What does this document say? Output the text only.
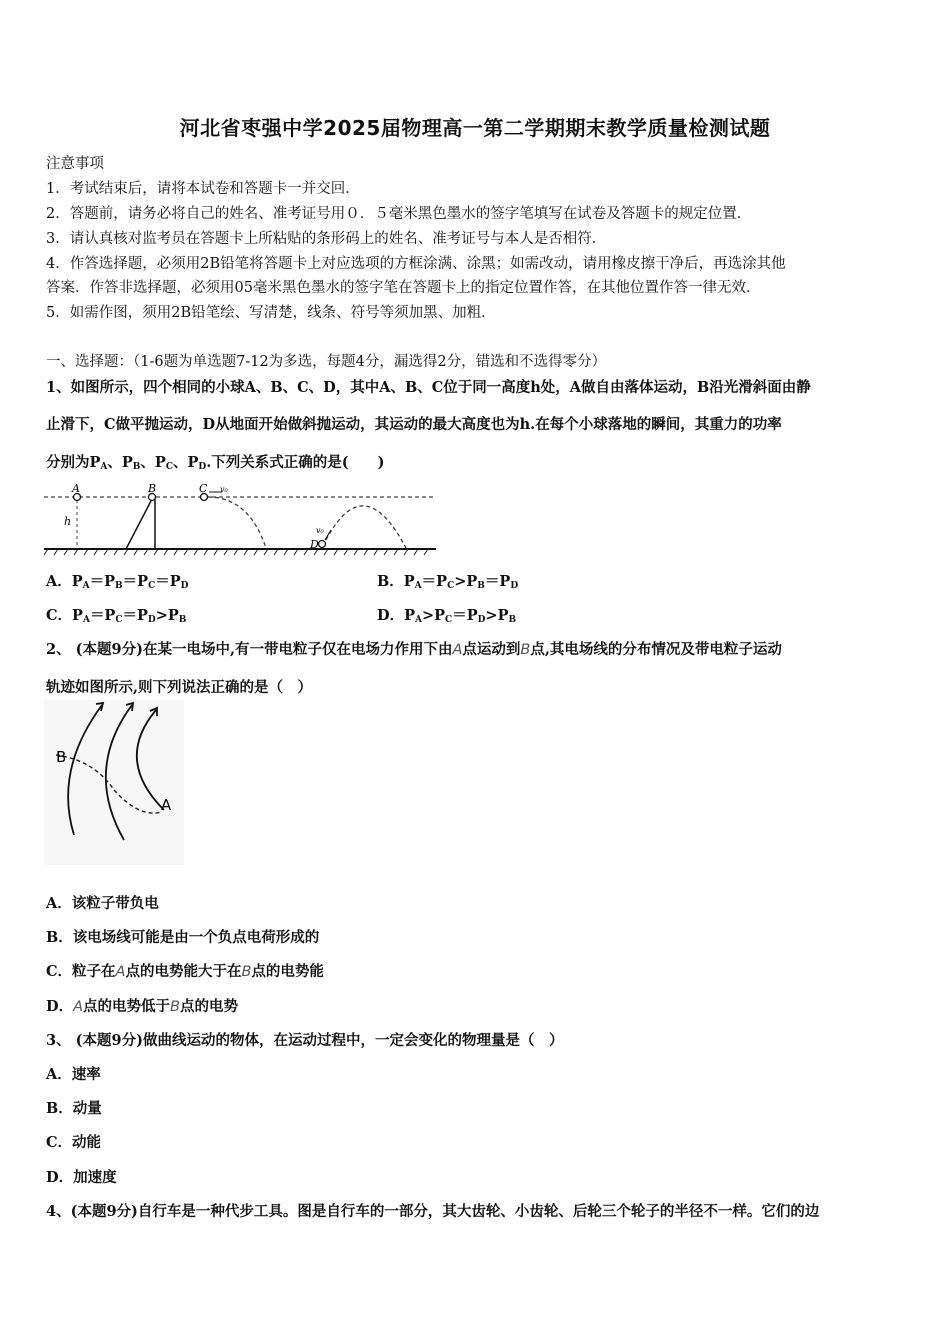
河北省枣强中学2025届物理高一第二学期期末教学质量检测试题
注意事项
1．考试结束后，请将本试卷和答题卡一并交回．
2．答题前，请务必将自己的姓名、准考证号用０．５毫米黑色墨水的签字笔填写在试卷及答题卡的规定位置．
3．请认真核对监考员在答题卡上所粘贴的条形码上的姓名、准考证号与本人是否相符．
4．作答选择题，必须用2B铅笔将答题卡上对应选项的方框涂满、涂黑；如需改动，请用橡皮擦干净后，再选涂其他
答案．作答非选择题，必须用05毫米黑色墨水的签字笔在答题卡上的指定位置作答，在其他位置作答一律无效．
5．如需作图，须用2B铅笔绘、写清楚，线条、符号等须加黑、加粗．
一、选择题：（1-6题为单选题7-12为多选，每题4分，漏选得2分，错选和不选得零分）
1、如图所示，四个相同的小球A、B、C、D，其中A、B、C位于同一高度h处，A做自由落体运动，B沿光滑斜面由静
止滑下，C做平抛运动，D从地面开始做斜抛运动，其运动的最大高度也为h.在每个小球落地的瞬间，其重力的功率
分别为$P_A$、$P_B$、$P_C$、$P_D$.下列关系式正确的是(　　)
A
h
B	C v₀
D
v₀
A．$P_A=P_B=P_C=P_D$	B．$P_A=P_C>P_B=P_D$
C．$P_A=P_C=P_D>P_B$	D．$P_A>P_C=P_D>P_B$
2、 (本题9分)在某一电场中,有一带电粒子仅在电场力作用下由A点运动到B点,其电场线的分布情况及带电粒子运动
轨迹如图所示,则下列说法正确的是（　）
B
A
A．该粒子带负电
B．该电场线可能是由一个负点电荷形成的
C．粒子在A点的电势能大于在B点的电势能
D．A点的电势低于B点的电势
3、 (本题9分)做曲线运动的物体，在运动过程中，一定会变化的物理量是（　）
A．速率
B．动量
C．动能
D．加速度
4、(本题9分)自行车是一种代步工具。图是自行车的一部分，其大齿轮、小齿轮、后轮三个轮子的半径不一样。它们的边
